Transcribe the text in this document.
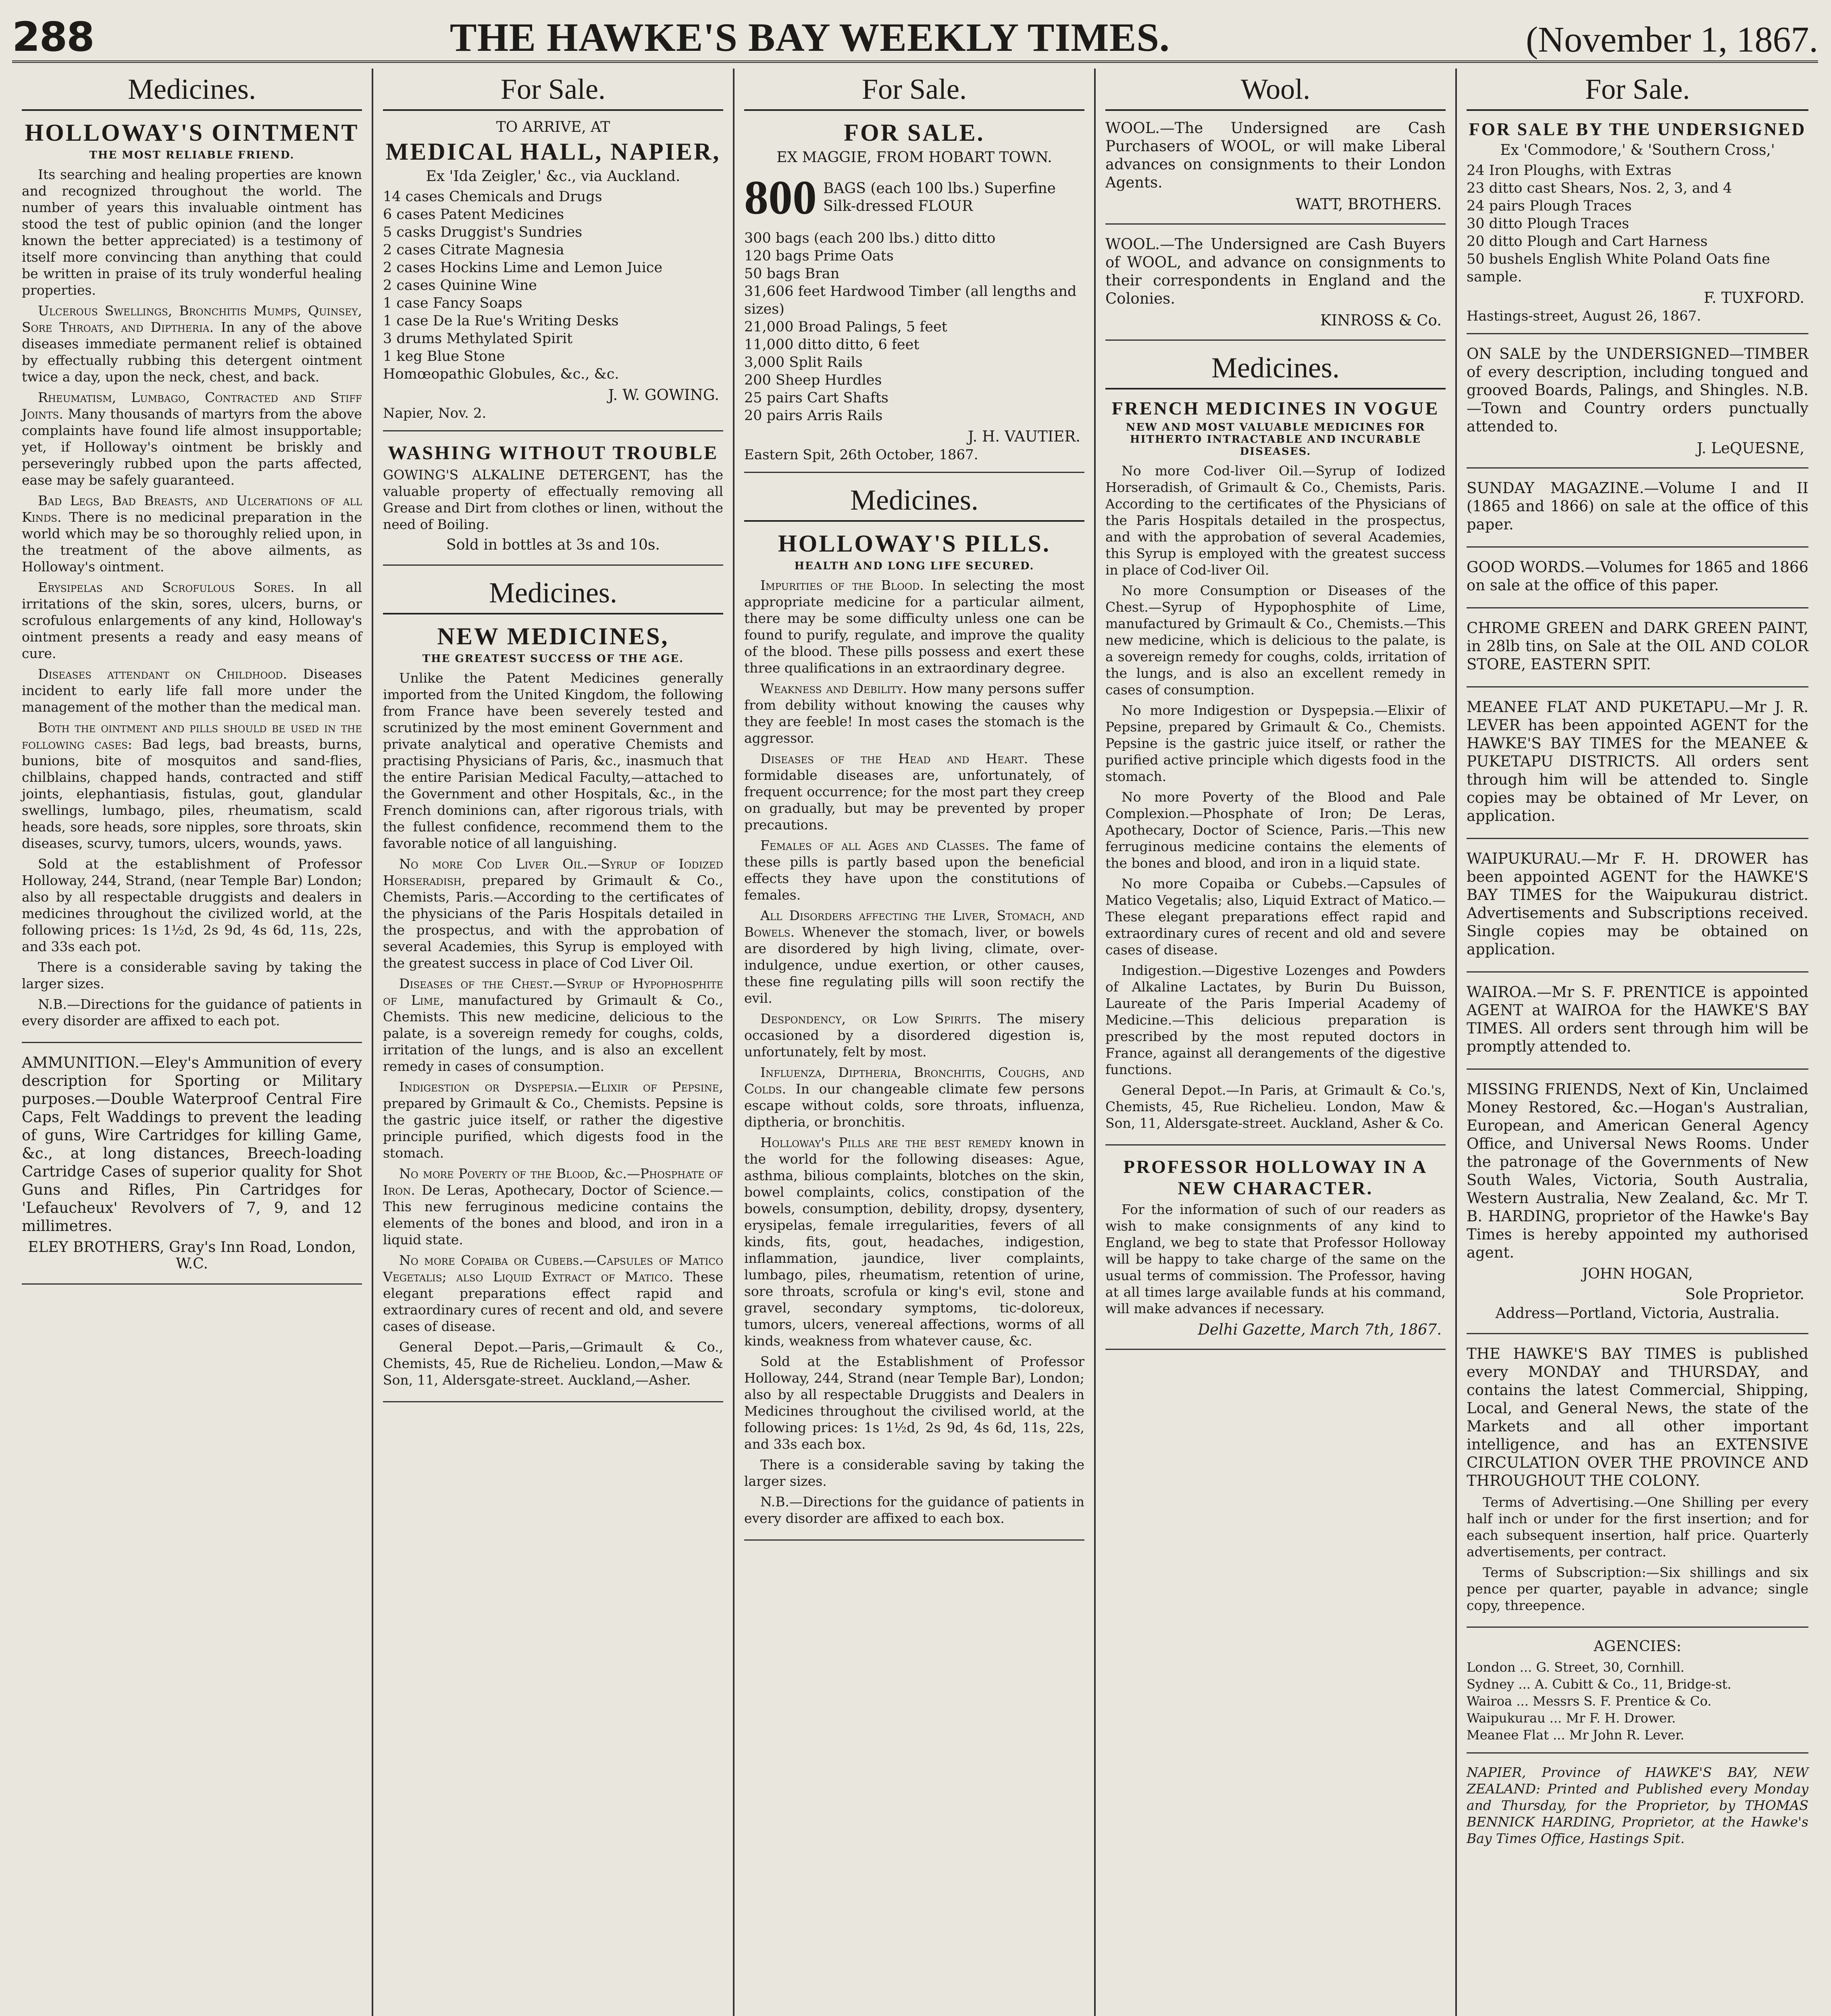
288	THE HAWKE'S BAY WEEKLY TIMES.	(November 1, 1867.
Medicines.
HOLLOWAY'S OINTMENT
THE MOST RELIABLE FRIEND.

Its searching and healing properties are known and recognized throughout the world. The number of years this invaluable ointment has stood the test of public opinion (and the longer known the better appreciated) is a testimony of itself more convincing than anything that could be written in praise of its truly wonderful healing properties.

Ulcerous Swellings, Bronchitis Mumps, Quinsey, Sore Throats, and Diptheria. In any of the above diseases immediate permanent relief is obtained by effectually rubbing this detergent ointment twice a day, upon the neck, chest, and back.

Rheumatism, Lumbago, Contracted and Stiff Joints. Many thousands of martyrs from the above complaints have found life almost insupportable; yet, if Holloway's ointment be briskly and perseveringly rubbed upon the parts affected, ease may be safely guaranteed.

Bad Legs, Bad Breasts, and Ulcerations of all Kinds. There is no medicinal preparation in the world which may be so thoroughly relied upon, in the treatment of the above ailments, as Holloway's ointment.

Erysipelas and Scrofulous Sores. In all irritations of the skin, sores, ulcers, burns, or scrofulous enlargements of any kind, Holloway's ointment presents a ready and easy means of cure.

Diseases attendant on Childhood. Diseases incident to early life fall more under the management of the mother than the medical man.

Both the ointment and pills should be used in the following cases: Bad legs, bad breasts, burns, bunions, bite of mosquitos and sand-flies, chilblains, chapped hands, contracted and stiff joints, elephantiasis, fistulas, gout, glandular swellings, lumbago, piles, rheumatism, scald heads, sore heads, sore nipples, sore throats, skin diseases, scurvy, tumors, ulcers, wounds, yaws.

Sold at the establishment of Professor Holloway, 244, Strand, (near Temple Bar) London; also by all respectable druggists and dealers in medicines throughout the civilized world, at the following prices: 1s 1½d, 2s 9d, 4s 6d, 11s, 22s, and 33s each pot.

There is a considerable saving by taking the larger sizes.

N.B.—Directions for the guidance of patients in every disorder are affixed to each pot.

AMMUNITION.—Eley's Ammunition of every description for Sporting or Military purposes.—Double Waterproof Central Fire Caps, Felt Waddings to prevent the leading of guns, Wire Cartridges for killing Game, &c., at long distances, Breech-loading Cartridge Cases of superior quality for Shot Guns and Rifles, Pin Cartridges for 'Lefaucheux' Revolvers of 7, 9, and 12 millimetres.

ELEY BROTHERS, Gray's Inn Road, London, W.C.
For Sale.
TO ARRIVE, AT
MEDICAL HALL, NAPIER,
Ex 'Ida Zeigler,' &c., via Auckland.
14 cases Chemicals and Drugs
6 cases Patent Medicines
5 casks Druggist's Sundries
2 cases Citrate Magnesia
2 cases Hockins Lime and Lemon Juice
2 cases Quinine Wine
1 case Fancy Soaps
1 case De la Rue's Writing Desks
3 drums Methylated Spirit
1 keg Blue Stone
Homœopathic Globules, &c., &c.
J. W. GOWING.
Napier, Nov. 2.
WASHING WITHOUT TROUBLE

GOWING'S ALKALINE DETERGENT, has the valuable property of effectually removing all Grease and Dirt from clothes or linen, without the need of Boiling.

Sold in bottles at 3s and 10s.
Medicines.
NEW MEDICINES,
THE GREATEST SUCCESS OF THE AGE.

Unlike the Patent Medicines generally imported from the United Kingdom, the following from France have been severely tested and scrutinized by the most eminent Government and private analytical and operative Chemists and practising Physicians of Paris, &c., inasmuch that the entire Parisian Medical Faculty,—attached to the Government and other Hospitals, &c., in the French dominions can, after rigorous trials, with the fullest confidence, recommend them to the favorable notice of all languishing.

No more Cod Liver Oil.—Syrup of Iodized Horseradish, prepared by Grimault & Co., Chemists, Paris.—According to the certificates of the physicians of the Paris Hospitals detailed in the prospectus, and with the approbation of several Academies, this Syrup is employed with the greatest success in place of Cod Liver Oil.

Diseases of the Chest.—Syrup of Hypophosphite of Lime, manufactured by Grimault & Co., Chemists. This new medicine, delicious to the palate, is a sovereign remedy for coughs, colds, irritation of the lungs, and is also an excellent remedy in cases of consumption.

Indigestion or Dyspepsia.—Elixir of Pepsine, prepared by Grimault & Co., Chemists. Pepsine is the gastric juice itself, or rather the digestive principle purified, which digests food in the stomach.

No more Poverty of the Blood, &c.—Phosphate of Iron. De Leras, Apothecary, Doctor of Science.—This new ferruginous medicine contains the elements of the bones and blood, and iron in a liquid state.

No more Copaiba or Cubebs.—Capsules of Matico Vegetalis; also Liquid Extract of Matico. These elegant preparations effect rapid and extraordinary cures of recent and old, and severe cases of disease.

General Depot.—Paris,—Grimault & Co., Chemists, 45, Rue de Richelieu. London,—Maw & Son, 11, Aldersgate-street. Auckland,—Asher.

For Sale.
FOR SALE.
EX MAGGIE, FROM HOBART TOWN.
800 BAGS (each 100 lbs.) Superfine Silk-dressed FLOUR
300 bags (each 200 lbs.) ditto ditto
120 bags Prime Oats
50 bags Bran
31,606 feet Hardwood Timber (all lengths and sizes)
21,000 Broad Palings, 5 feet
11,000 ditto ditto, 6 feet
3,000 Split Rails
200 Sheep Hurdles
25 pairs Cart Shafts
20 pairs Arris Rails
J. H. VAUTIER.
Eastern Spit, 26th October, 1867.
Medicines.
HOLLOWAY'S PILLS.
HEALTH AND LONG LIFE SECURED.

Impurities of the Blood. In selecting the most appropriate medicine for a particular ailment, there may be some difficulty unless one can be found to purify, regulate, and improve the quality of the blood. These pills possess and exert these three qualifications in an extraordinary degree.

Weakness and Debility. How many persons suffer from debility without knowing the causes why they are feeble! In most cases the stomach is the aggressor.

Diseases of the Head and Heart. These formidable diseases are, unfortunately, of frequent occurrence; for the most part they creep on gradually, but may be prevented by proper precautions.

Females of all Ages and Classes. The fame of these pills is partly based upon the beneficial effects they have upon the constitutions of females.

All Disorders affecting the Liver, Stomach, and Bowels. Whenever the stomach, liver, or bowels are disordered by high living, climate, over-indulgence, undue exertion, or other causes, these fine regulating pills will soon rectify the evil.

Despondency, or Low Spirits. The misery occasioned by a disordered digestion is, unfortunately, felt by most.

Influenza, Diptheria, Bronchitis, Coughs, and Colds. In our changeable climate few persons escape without colds, sore throats, influenza, diptheria, or bronchitis.

Holloway's Pills are the best remedy known in the world for the following diseases: Ague, asthma, bilious complaints, blotches on the skin, bowel complaints, colics, constipation of the bowels, consumption, debility, dropsy, dysentery, erysipelas, female irregularities, fevers of all kinds, fits, gout, headaches, indigestion, inflammation, jaundice, liver complaints, lumbago, piles, rheumatism, retention of urine, sore throats, scrofula or king's evil, stone and gravel, secondary symptoms, tic-doloreux, tumors, ulcers, venereal affections, worms of all kinds, weakness from whatever cause, &c.

Sold at the Establishment of Professor Holloway, 244, Strand (near Temple Bar), London; also by all respectable Druggists and Dealers in Medicines throughout the civilised world, at the following prices: 1s 1½d, 2s 9d, 4s 6d, 11s, 22s, and 33s each box.

There is a considerable saving by taking the larger sizes.

N.B.—Directions for the guidance of patients in every disorder are affixed to each box.

Wool.

WOOL.—The Undersigned are Cash Purchasers of WOOL, or will make Liberal advances on consignments to their London Agents.

WATT, BROTHERS.

WOOL.—The Undersigned are Cash Buyers of WOOL, and advance on consignments to their correspondents in England and the Colonies.

KINROSS & Co.
Medicines.
FRENCH MEDICINES IN VOGUE
NEW AND MOST VALUABLE MEDICINES FOR HITHERTO INTRACTABLE AND INCURABLE DISEASES.

No more Cod-liver Oil.—Syrup of Iodized Horseradish, of Grimault & Co., Chemists, Paris. According to the certificates of the Physicians of the Paris Hospitals detailed in the prospectus, and with the approbation of several Academies, this Syrup is employed with the greatest success in place of Cod-liver Oil.

No more Consumption or Diseases of the Chest.—Syrup of Hypophosphite of Lime, manufactured by Grimault & Co., Chemists.—This new medicine, which is delicious to the palate, is a sovereign remedy for coughs, colds, irritation of the lungs, and is also an excellent remedy in cases of consumption.

No more Indigestion or Dyspepsia.—Elixir of Pepsine, prepared by Grimault & Co., Chemists. Pepsine is the gastric juice itself, or rather the purified active principle which digests food in the stomach.

No more Poverty of the Blood and Pale Complexion.—Phosphate of Iron; De Leras, Apothecary, Doctor of Science, Paris.—This new ferruginous medicine contains the elements of the bones and blood, and iron in a liquid state.

No more Copaiba or Cubebs.—Capsules of Matico Vegetalis; also, Liquid Extract of Matico.—These elegant preparations effect rapid and extraordinary cures of recent and old and severe cases of disease.

Indigestion.—Digestive Lozenges and Powders of Alkaline Lactates, by Burin Du Buisson, Laureate of the Paris Imperial Academy of Medicine.—This delicious preparation is prescribed by the most reputed doctors in France, against all derangements of the digestive functions.

General Depot.—In Paris, at Grimault & Co.'s, Chemists, 45, Rue Richelieu. London, Maw & Son, 11, Aldersgate-street. Auckland, Asher & Co.

PROFESSOR HOLLOWAY IN A NEW CHARACTER.

For the information of such of our readers as wish to make consignments of any kind to England, we beg to state that Professor Holloway will be happy to take charge of the same on the usual terms of commission. The Professor, having at all times large available funds at his command, will make advances if necessary.

Delhi Gazette, March 7th, 1867.
For Sale.
FOR SALE BY THE UNDERSIGNED
Ex 'Commodore,' & 'Southern Cross,'
24 Iron Ploughs, with Extras
23 ditto cast Shears, Nos. 2, 3, and 4
24 pairs Plough Traces
30 ditto Plough Traces
20 ditto Plough and Cart Harness
50 bushels English White Poland Oats fine sample.
F. TUXFORD.
Hastings-street, August 26, 1867.

ON SALE by the UNDERSIGNED—TIMBER of every description, including tongued and grooved Boards, Palings, and Shingles. N.B.—Town and Country orders punctually attended to.

J. LeQUESNE,

SUNDAY MAGAZINE.—Volume I and II (1865 and 1866) on sale at the office of this paper.

GOOD WORDS.—Volumes for 1865 and 1866 on sale at the office of this paper.

CHROME GREEN and DARK GREEN PAINT, in 28lb tins, on Sale at the OIL AND COLOR STORE, EASTERN SPIT.

MEANEE FLAT AND PUKETAPU.—Mr J. R. LEVER has been appointed AGENT for the HAWKE'S BAY TIMES for the MEANEE & PUKETAPU DISTRICTS. All orders sent through him will be attended to. Single copies may be obtained of Mr Lever, on application.

WAIPUKURAU.—Mr F. H. DROWER has been appointed AGENT for the HAWKE'S BAY TIMES for the Waipukurau district. Advertisements and Subscriptions received. Single copies may be obtained on application.

WAIROA.—Mr S. F. PRENTICE is appointed AGENT at WAIROA for the HAWKE'S BAY TIMES. All orders sent through him will be promptly attended to.

MISSING FRIENDS, Next of Kin, Unclaimed Money Restored, &c.—Hogan's Australian, European, and American General Agency Office, and Universal News Rooms. Under the patronage of the Governments of New South Wales, Victoria, South Australia, Western Australia, New Zealand, &c. Mr T. B. HARDING, proprietor of the Hawke's Bay Times is hereby appointed my authorised agent.

JOHN HOGAN,
Sole Proprietor.
Address—Portland, Victoria, Australia.

THE HAWKE'S BAY TIMES is published every MONDAY and THURSDAY, and contains the latest Commercial, Shipping, Local, and General News, the state of the Markets and all other important intelligence, and has an EXTENSIVE CIRCULATION OVER THE PROVINCE AND THROUGHOUT THE COLONY.

Terms of Advertising.—One Shilling per every half inch or under for the first insertion; and for each subsequent insertion, half price. Quarterly advertisements, per contract.

Terms of Subscription:—Six shillings and six pence per quarter, payable in advance; single copy, threepence.

AGENCIES:
London ... G. Street, 30, Cornhill.
Sydney ... A. Cubitt & Co., 11, Bridge-st.
Wairoa ... Messrs S. F. Prentice & Co.
Waipukurau ... Mr F. H. Drower.
Meanee Flat ... Mr John R. Lever.

NAPIER, Province of HAWKE'S BAY, NEW ZEALAND: Printed and Published every Monday and Thursday, for the Proprietor, by THOMAS BENNICK HARDING, Proprietor, at the Hawke's Bay Times Office, Hastings Spit.
